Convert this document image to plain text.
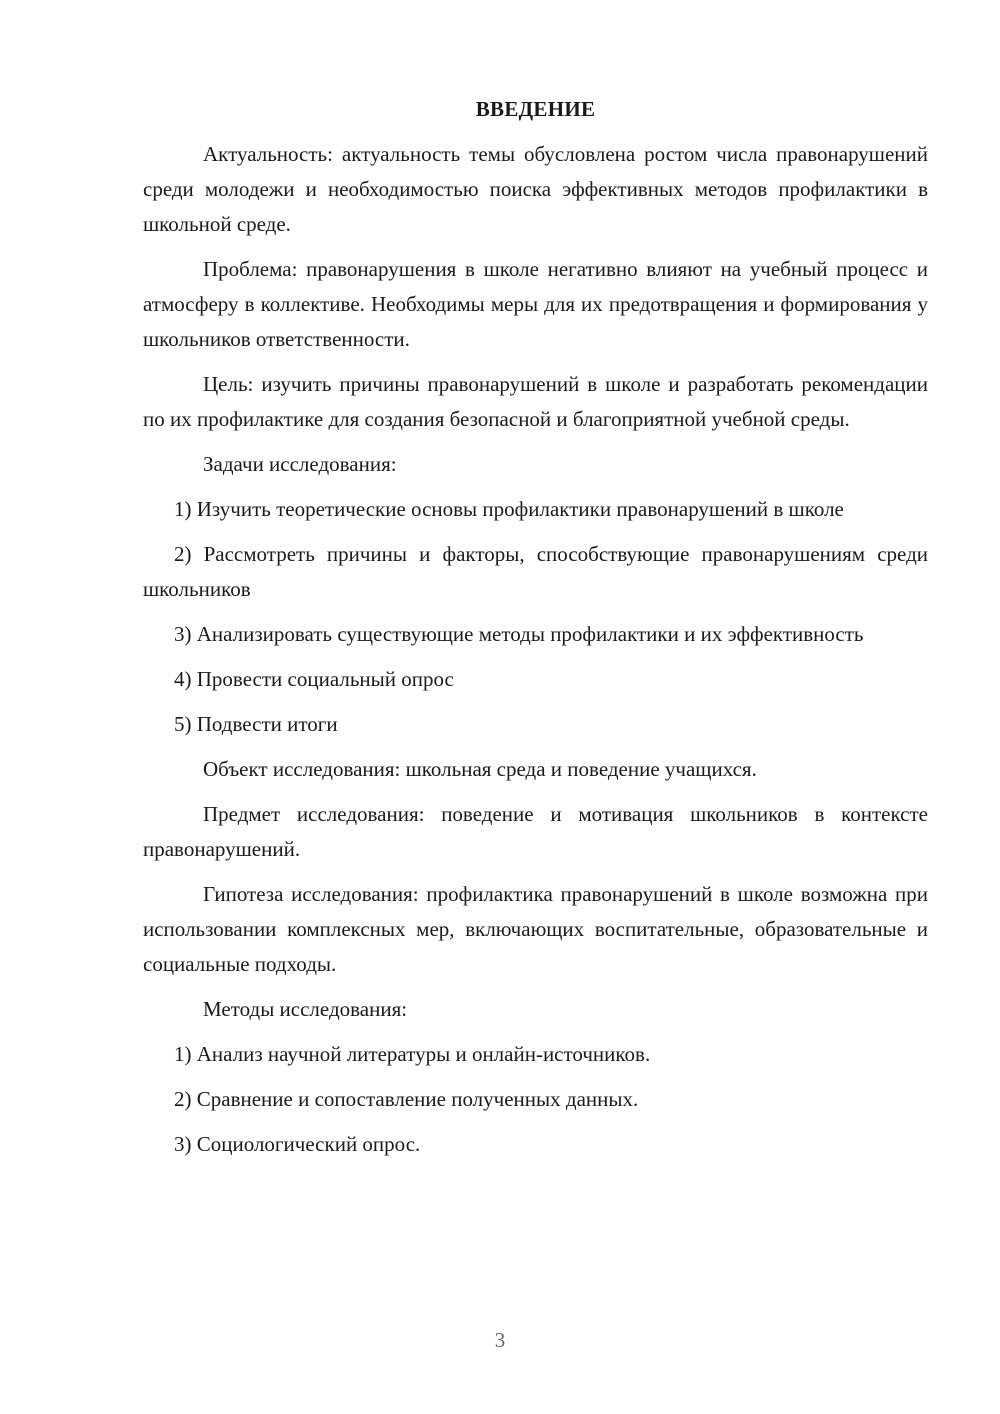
ВВЕДЕНИЕ

Актуальность: актуальность темы обусловлена ростом числа правонарушений среди молодежи и необходимостью поиска эффективных методов профилактики в школьной среде.

Проблема: правонарушения в школе негативно влияют на учебный процесс и атмосферу в коллективе. Необходимы меры для их предотвращения и формирования у школьников ответственности.

Цель: изучить причины правонарушений в школе и разработать рекомендации по их профилактике для создания безопасной и благоприятной учебной среды.

Задачи исследования:

1) Изучить теоретические основы профилактики правонарушений в школе

2) Рассмотреть причины и факторы, способствующие правонарушениям среди школьников

3) Анализировать существующие методы профилактики и их эффективность

4) Провести социальный опрос

5) Подвести итоги

Объект исследования: школьная среда и поведение учащихся.

Предмет исследования: поведение и мотивация школьников в контексте правонарушений.

Гипотеза исследования: профилактика правонарушений в школе возможна при использовании комплексных мер, включающих воспитательные, образовательные и социальные подходы.

Методы исследования:

1) Анализ научной литературы и онлайн-источников.

2) Сравнение и сопоставление полученных данных.

3) Социологический опрос.

3
